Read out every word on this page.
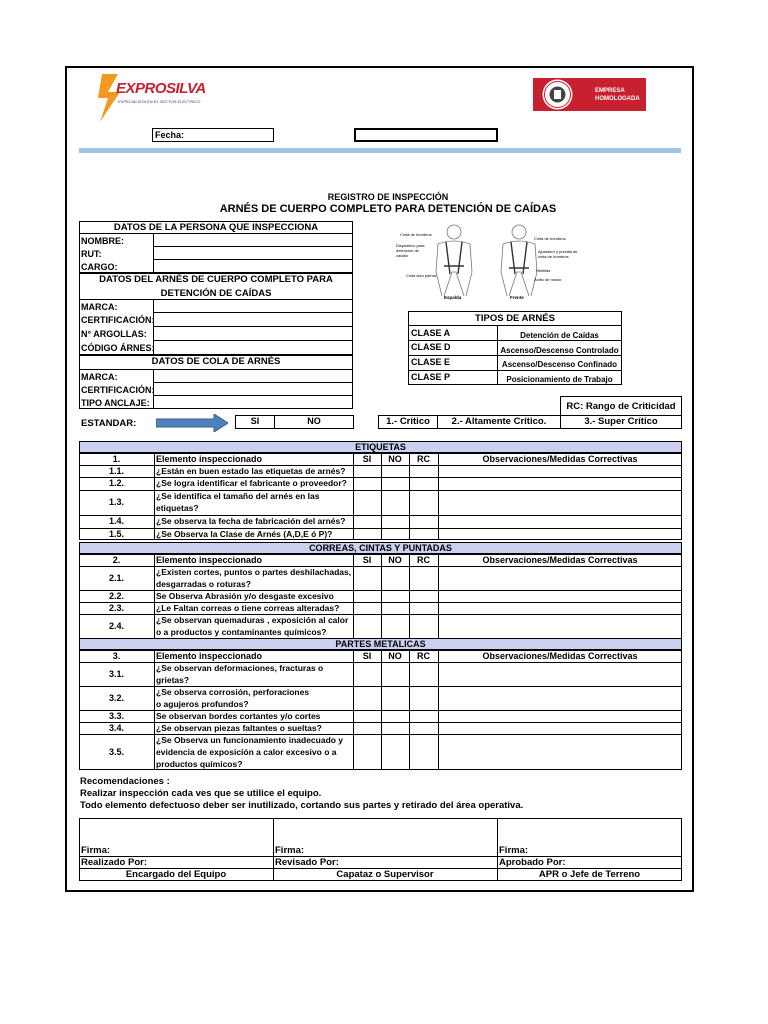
EXPROSILVA
ESPECIALISTA EN EL SECTOR ELÉCTRICO
EMPRESA
HOMOLOGADA
Fecha:
REGISTRO DE INSPECCIÓN
ARNÉS DE CUERPO COMPLETO PARA DETENCIÓN DE CAÍDAS
DATOS DE LA PERSONA QUE INSPECCIONA
NOMBRE:
RUT:
CARGO:
DATOS DEL ARNÉS DE CUERPO COMPLETO PARA
DETENCIÓN DE CAÍDAS
MARCA:
CERTIFICACIÓN:
N° ARGOLLAS:
CÓDIGO ÁRNES:
DATOS DE COLA DE ARNÉS
MARCA:
CERTIFICACIÓN:
TIPO ANCLAJE:
Cinta de hombros
Dispositivo para detención de caídas
Cinta de hombros
Ajustador y presilla de cinta de hombros
Hebillas
Cinta lazo pierna
Anillo de muslo
Espalda	Frente
TIPOS DE ARNÉS
CLASE A	Detención de Caídas
CLASE D	Ascenso/Descenso Controlado
CLASE E	Ascenso/Descenso Confinado
CLASE P	Posicionamiento de Trabajo
RC: Rango de Criticidad
1.- Crítico	2.- Altamente Crítico.	3.- Super Crítico
ESTANDAR:	SI	NO
ETIQUETAS
1.	Elemento inspeccionado	SI	NO	RC	Observaciones/Medidas Correctivas
1.1.	¿Están en buen estado las etiquetas de arnés?
1.2.	¿Se logra identificar el fabricante o proveedor?
1.3.
¿Se identifica el tamaño del arnés en las
etiquetas?
1.4.	¿Se observa la fecha de fabricación del arnés?
1.5.	¿Se Observa la Clase de Arnés (A,D,E ó P)?
CORREAS, CINTAS Y PUNTADAS
2.	Elemento inspeccionado	SI	NO	RC	Observaciones/Medidas Correctivas
2.1.
¿Existen cortes, puntos o partes deshilachadas,
desgarradas o roturas?
2.2.	Se Observa Abrasión y/o desgaste excesivo
2.3.	¿Le Faltan correas o tiene correas alteradas?
2.4.
¿Se observan quemaduras , exposición al calor
o a productos y contaminantes químicos?
PARTES METALICAS
3.	Elemento inspeccionado	SI	NO	RC	Observaciones/Medidas Correctivas
3.1.
¿Se observan deformaciones, fracturas o
grietas?
3.2.
¿Se observa corrosión, perforaciones
o agujeros profundos?
3.3.	Se observan bordes cortantes y/o cortes
3.4.	¿Se observan piezas faltantes o sueltas?
3.5.
¿Se Observa un funcionamiento inadecuado y
evidencia de exposición a calor excesivo o a
productos químicos?
Recomendaciones :
Realizar inspección cada ves que se utilice el equipo.
Todo elemento defectuoso deber ser inutilizado, cortando sus partes y retirado del área operativa.
Firma:	Firma:	Firma:
Realizado Por:	Revisado Por:	Aprobado Por:
Encargado del Equipo	Capataz o Supervisor	APR o Jefe de Terreno
